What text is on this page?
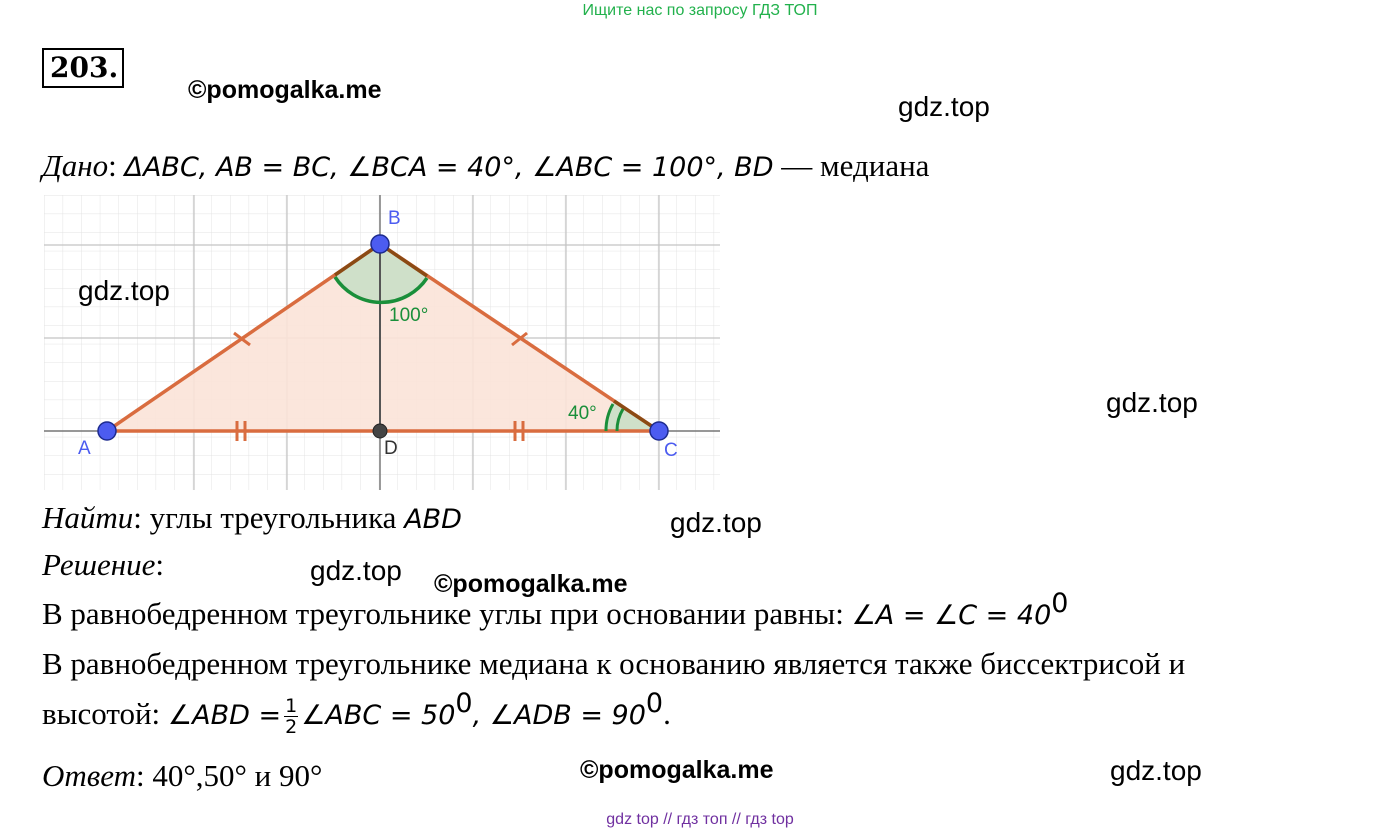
Ищите нас по запросу ГДЗ ТОП
203.
©pomogalka.me
gdz.top
Дано: ΔABC, AB = BC, ∠BCA = 40°, ∠ABC = 100°, BD — медиана
100°
40°
A
B
C
D
gdz.top
gdz.top
Найти: углы треугольника ABD	gdz.top
Решение:	gdz.top ©pomogalka.me
В равнобедренном треугольнике углы при основании равны: ∠A = ∠C = $40^0$
В равнобедренном треугольнике медиана к основанию является также биссектрисой и
высотой: ∠ABD = $\frac{1}{2}$ ∠ABC = $50^0$, ∠ADB = $90^0$.
Ответ: 40°,50° и 90°	©pomogalka.me	gdz.top
gdz top // гдз топ // гдз top
